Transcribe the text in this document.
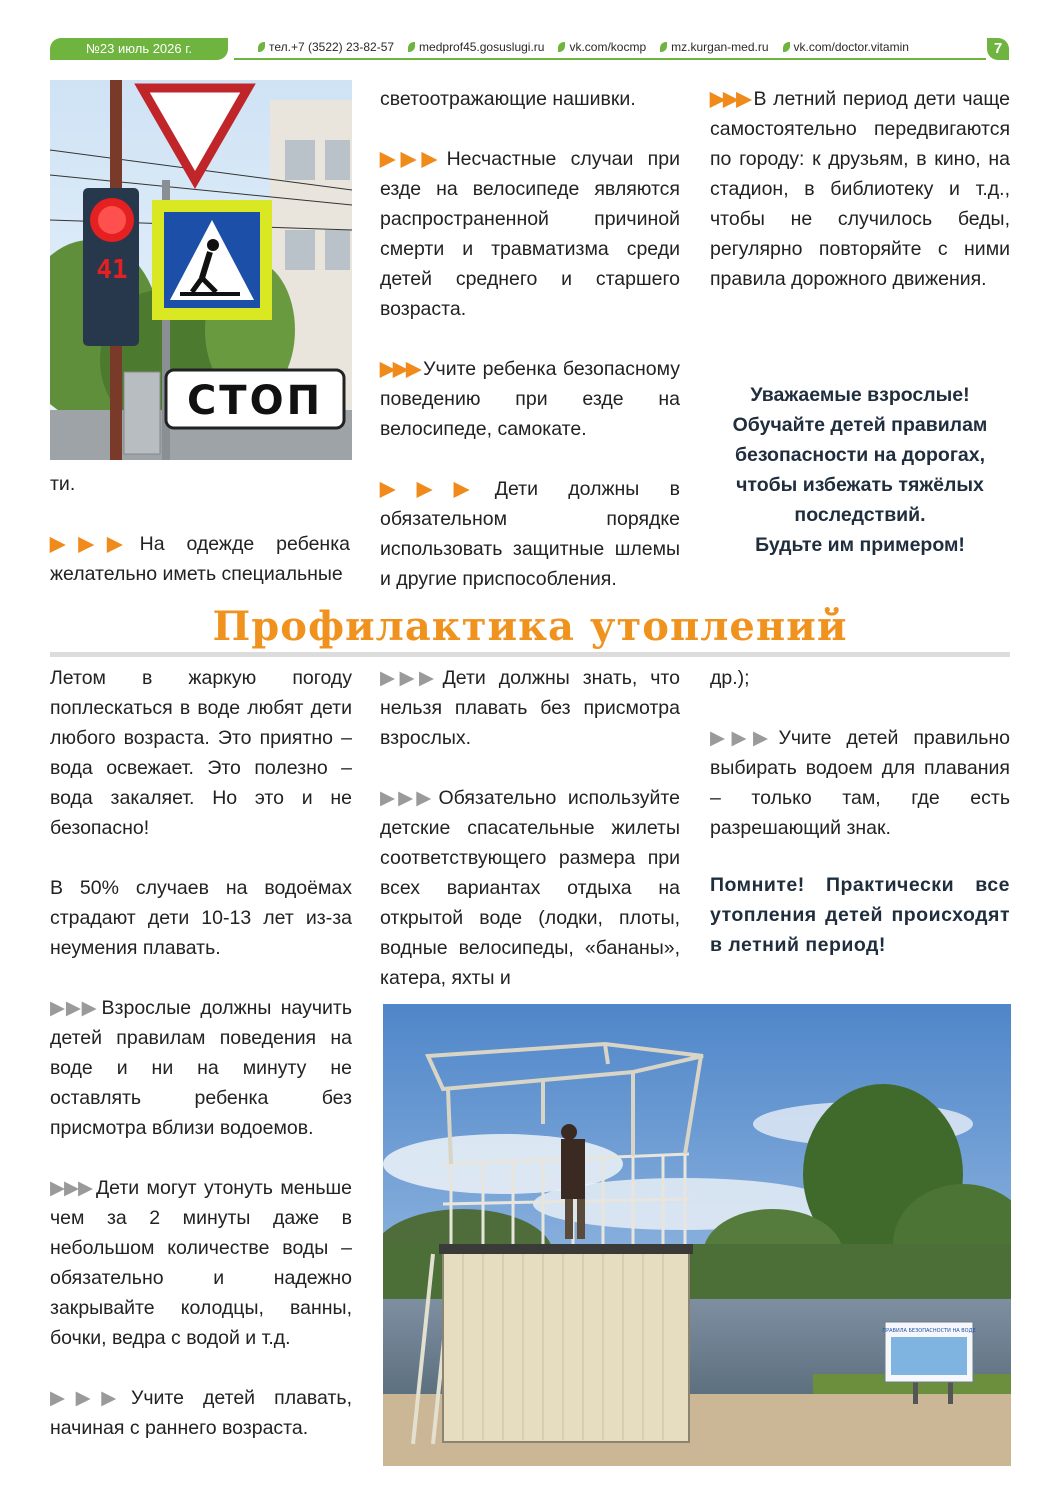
№23 июль 2026 г.	тел.+7 (3522) 23-82-57 medprof45.gosuslugi.ru vk.com/kocmp mz.kurgan-med.ru vk.com/doctor.vitamin	7
41
СТОП

ти.

▶▶▶ На одежде ребенка желательно иметь специальные

светоотражающие нашивки.

▶▶▶ Несчастные случаи при езде на велосипеде являются распространенной причиной смерти и травматизма среди детей среднего и старшего возраста.

▶▶▶ Учите ребенка безопасному поведению при езде на велосипеде, самокате.

▶▶▶ Дети должны в обязательном порядке использовать защитные шлемы и другие приспособления.

▶▶▶ В летний период дети чаще самостоятельно передвигаются по городу: к друзьям, в кино, на стадион, в библиотеку и т.д., чтобы не случилось беды, регулярно повторяйте с ними правила дорожного движения.

Уважаемые взрослые!
Обучайте детей правилам безопасности на дорогах, чтобы избежать тяжёлых последствий.
Будьте им примером!
Профилактика утоплений

Летом в жаркую погоду поплескаться в воде любят дети любого возраста. Это приятно – вода освежает. Это полезно – вода закаляет. Но это и не безопасно!

В 50% случаев на водоёмах страдают дети 10-13 лет из-за неумения плавать.

▶▶▶ Взрослые должны научить детей правилам поведения на воде и ни на минуту не оставлять ребенка без присмотра вблизи водоемов.

▶▶▶ Дети могут утонуть меньше чем за 2 минуты даже в небольшом количестве воды – обязательно и надежно закрывайте колодцы, ванны, бочки, ведра с водой и т.д.

▶▶▶ Учите детей плавать, начиная с раннего возраста.

▶▶▶ Дети должны знать, что нельзя плавать без присмотра взрослых.

▶▶▶ Обязательно используйте детские спасательные жилеты соответствующего размера при всех вариантах отдыха на открытой воде (лодки, плоты, водные велосипеды, «бананы», катера, яхты и

др.);

▶▶▶ Учите детей правильно выбирать водоем для плавания – только там, где есть разрешающий знак.

Помните! Практически все утопления детей происходят в летний период!
ПРАВИЛА БЕЗОПАСНОСТИ НА ВОДЕ
